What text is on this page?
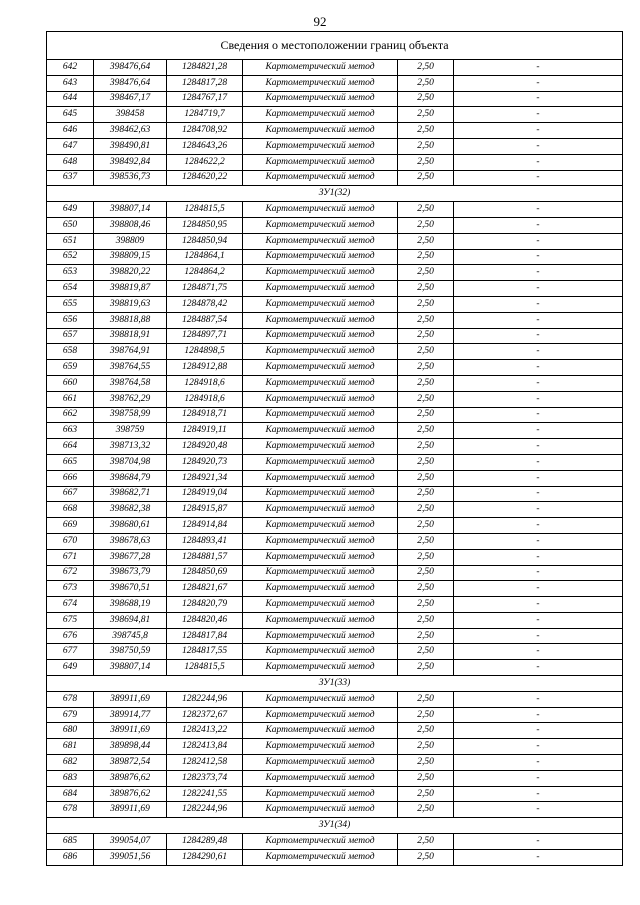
92
Сведения о местоположении границ объекта					
642	398476,64	1284821,28	Картометрический метод	2,50	-
643	398476,64	1284817,28	Картометрический метод	2,50	-
644	398467,17	1284767,17	Картометрический метод	2,50	-
645	398458	1284719,7	Картометрический метод	2,50	-
646	398462,63	1284708,92	Картометрический метод	2,50	-
647	398490,81	1284643,26	Картометрический метод	2,50	-
648	398492,84	1284622,2	Картометрический метод	2,50	-
637	398536,73	1284620,22	Картометрический метод	2,50	-
ЗУ1(32)					
649	398807,14	1284815,5	Картометрический метод	2,50	-
650	398808,46	1284850,95	Картометрический метод	2,50	-
651	398809	1284850,94	Картометрический метод	2,50	-
652	398809,15	1284864,1	Картометрический метод	2,50	-
653	398820,22	1284864,2	Картометрический метод	2,50	-
654	398819,87	1284871,75	Картометрический метод	2,50	-
655	398819,63	1284878,42	Картометрический метод	2,50	-
656	398818,88	1284887,54	Картометрический метод	2,50	-
657	398818,91	1284897,71	Картометрический метод	2,50	-
658	398764,91	1284898,5	Картометрический метод	2,50	-
659	398764,55	1284912,88	Картометрический метод	2,50	-
660	398764,58	1284918,6	Картометрический метод	2,50	-
661	398762,29	1284918,6	Картометрический метод	2,50	-
662	398758,99	1284918,71	Картометрический метод	2,50	-
663	398759	1284919,11	Картометрический метод	2,50	-
664	398713,32	1284920,48	Картометрический метод	2,50	-
665	398704,98	1284920,73	Картометрический метод	2,50	-
666	398684,79	1284921,34	Картометрический метод	2,50	-
667	398682,71	1284919,04	Картометрический метод	2,50	-
668	398682,38	1284915,87	Картометрический метод	2,50	-
669	398680,61	1284914,84	Картометрический метод	2,50	-
670	398678,63	1284893,41	Картометрический метод	2,50	-
671	398677,28	1284881,57	Картометрический метод	2,50	-
672	398673,79	1284850,69	Картометрический метод	2,50	-
673	398670,51	1284821,67	Картометрический метод	2,50	-
674	398688,19	1284820,79	Картометрический метод	2,50	-
675	398694,81	1284820,46	Картометрический метод	2,50	-
676	398745,8	1284817,84	Картометрический метод	2,50	-
677	398750,59	1284817,55	Картометрический метод	2,50	-
649	398807,14	1284815,5	Картометрический метод	2,50	-
ЗУ1(33)					
678	389911,69	1282244,96	Картометрический метод	2,50	-
679	389914,77	1282372,67	Картометрический метод	2,50	-
680	389911,69	1282413,22	Картометрический метод	2,50	-
681	389898,44	1282413,84	Картометрический метод	2,50	-
682	389872,54	1282412,58	Картометрический метод	2,50	-
683	389876,62	1282373,74	Картометрический метод	2,50	-
684	389876,62	1282241,55	Картометрический метод	2,50	-
678	389911,69	1282244,96	Картометрический метод	2,50	-
ЗУ1(34)					
685	399054,07	1284289,48	Картометрический метод	2,50	-
686	399051,56	1284290,61	Картометрический метод	2,50	-
